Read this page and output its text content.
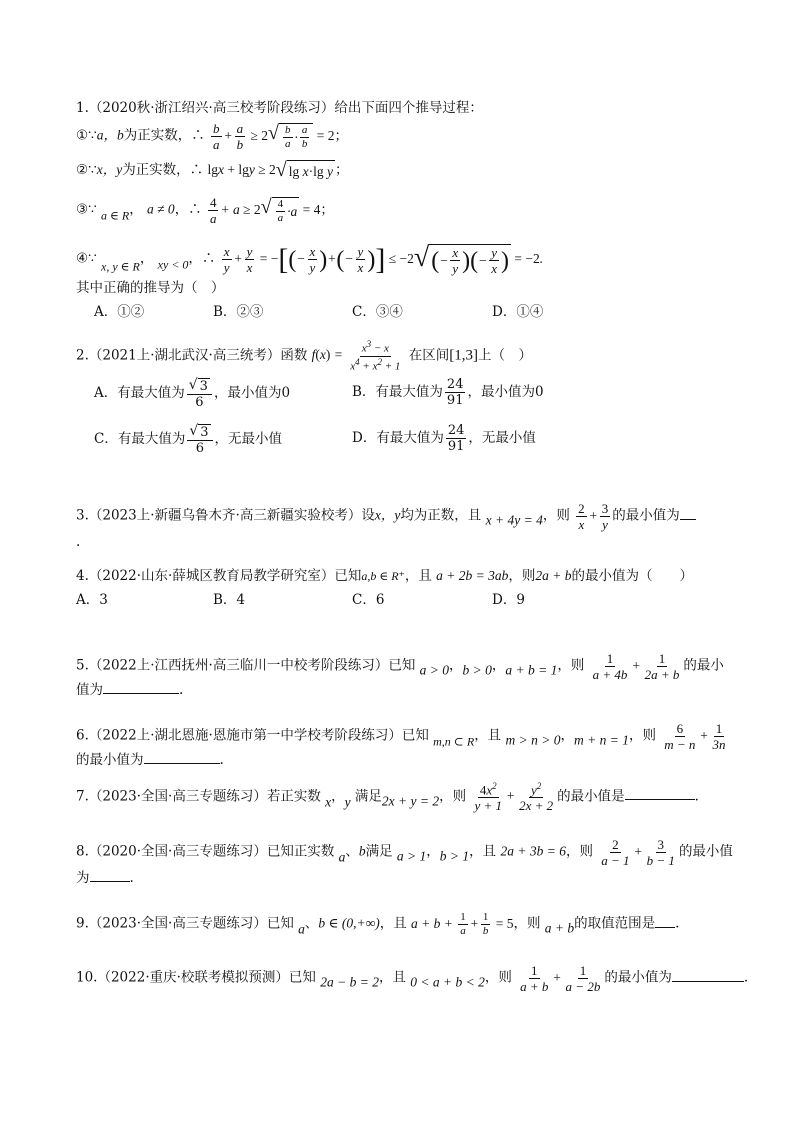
1.（2020秋·浙江绍兴·高三校考阶段练习）给出下面四个推导过程：
①∵a，b为正实数，∴ $\frac{b}{a} + \frac{a}{b} \ge 2$ √ $\frac{b}{a} \cdot \frac{a}{b} = 2$；
②∵x，y为正实数，∴ lgx + lgy ≥ 2 √ lg x ·lg y ；
③∵ a ∈ R， a ≠ 0，∴ $\frac{4}{a} + a \ge 2$ √ $\frac{4}{a} \cdot a = 4$；
④∵ x, y ∈ R， xy < 0，∴ $\frac{x}{y} + \frac{y}{x}$ = −[(− $\frac{x}{y}$ )+(− $\frac{y}{x}$ )] ≤ −2 √ ( − $\frac{x}{y}$ ) ( − $\frac{y}{x}$ ) = −2.
其中正确的推导为（　）
A．①②	B．②③	C．③④	D．①④
2.（2021上·湖北武汉·高三统考）函数 $f(x) = \frac{x^3 - x}{x^4 + x^2 + 1}$ 在区间[1,3]上（　）
A．有最大值为 $\frac{√ 3}{6}$ ，最小值为0	B．有最大值为 $\frac{24}{91}$ ，最小值为0
C．有最大值为 $\frac{√ 3}{6}$ ，无最小值	D．有最大值为 $\frac{24}{91}$ ，无最小值
3.（2023上·新疆乌鲁木齐·高三新疆实验校考）设x，y均为正数，且 x + 4y = 4，则 $\frac{2}{x} + \frac{3}{y}$ 的最小值为
.
4.（2022·山东·薛城区教育局教学研究室）已知a,b ∈ R⁺，且 a + 2b = 3ab，则2a + b的最小值为（　　）
A．3	B．4	C．6	D．9
5.（2022上·江西抚州·高三临川一中校考阶段练习）已知 a > 0，b > 0，a + b = 1，则 $\frac{1}{a + 4b} + \frac{1}{2a + b}$ 的最小
值为	.
6.（2022上·湖北恩施·恩施市第一中学校考阶段练习）已知 m,n ⊂ R，且 m > n > 0，m + n = 1，则 $\frac{6}{m - n} + \frac{1}{3n}$
的最小值为	.
7.（2023·全国·高三专题练习）若正实数 x，y 满足2x + y = 2，则 $\frac{4x^2}{y + 1} + \frac{y^2}{2x + 2}$ 的最小值是	.
8.（2020·全国·高三专题练习）已知正实数 a、b满足 a > 1，b > 1，且 2a + 3b = 6，则 $\frac{2}{a - 1} + \frac{3}{b - 1}$ 的最小值
为	.
9.（2023·全国·高三专题练习）已知 a、b ∈ (0,+∞)，且 $a + b + \frac{1}{a} + \frac{1}{b} = 5$，则 a + b的取值范围是 .
10.（2022·重庆·校联考模拟预测）已知 2a − b = 2，且 0 < a + b < 2，则 $\frac{1}{a + b} + \frac{1}{a - 2b}$ 的最小值为	.
